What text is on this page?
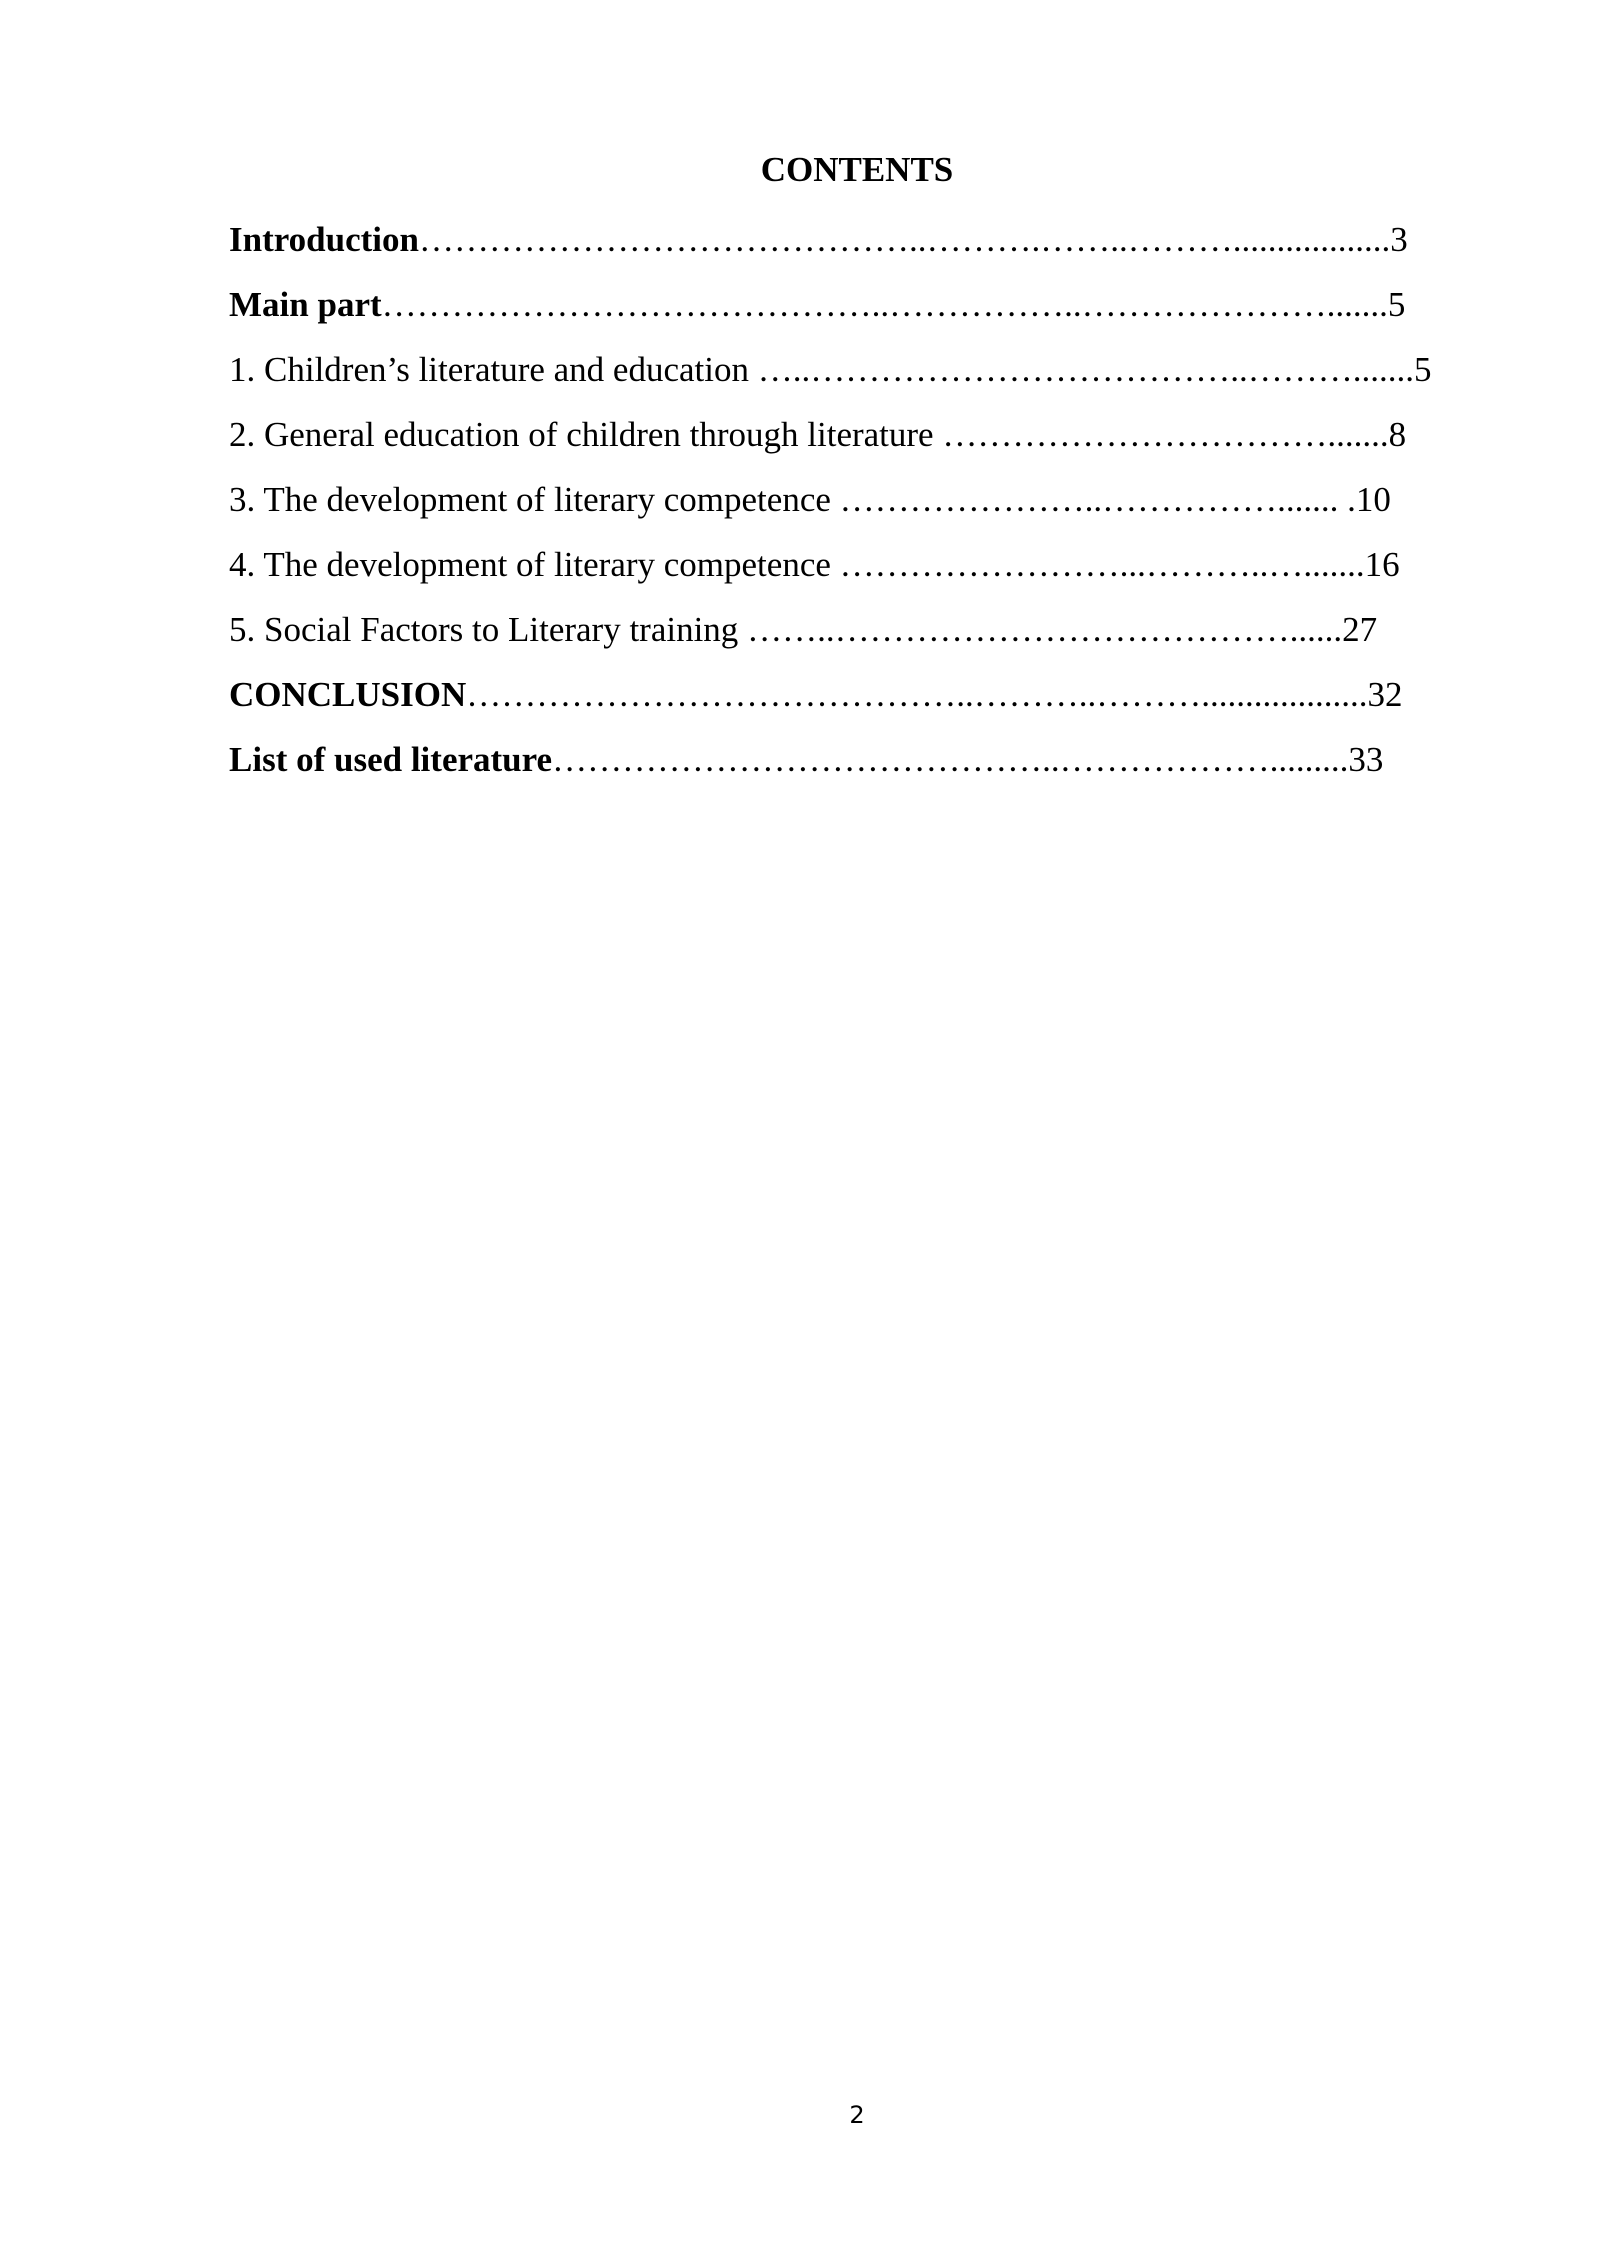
CONTENTS
Introduction……………………………………..……….……..………..................3
Main part……………………………………..……………..………………….......5
1. Children’s literature and education …..………………………………..……….......5
2. General education of children through literature …………………………….......8
3. The development of literary competence …………………..……………....... .10
4. The development of literary competence ……………………...………..….......16
5. Social Factors to Literary training ……..…………………………………......27
CONCLUSION……………………………………..………..………...................32
List of used literature……………………………………..……………….........33
2
